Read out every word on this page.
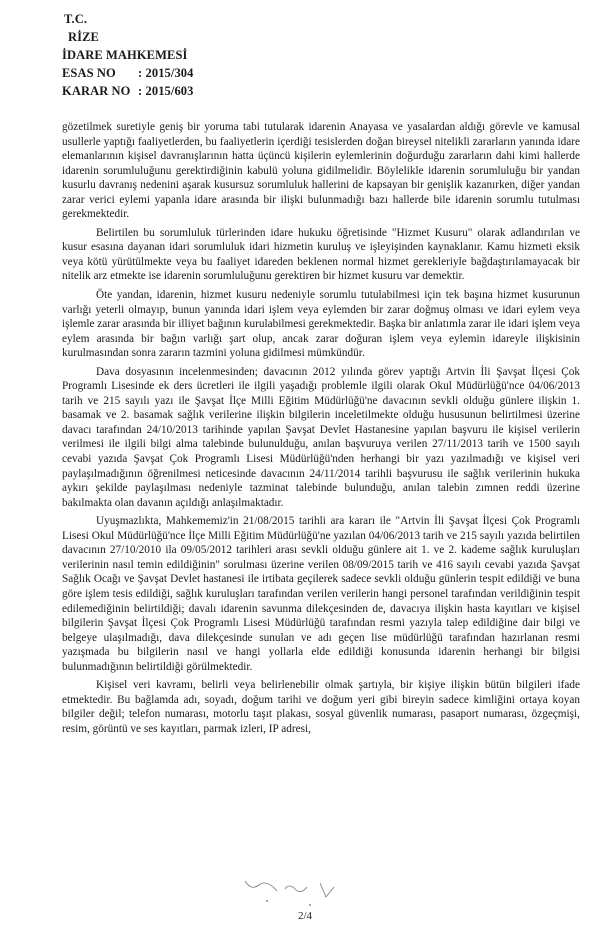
T.C.
RİZE
İDARE MAHKEMESİ
ESAS NO	: 2015/304
KARAR NO : 2015/603

gözetilmek suretiyle geniş bir yoruma tabi tutularak idarenin Anayasa ve yasalardan aldığı görevle ve kamusal usullerle yaptığı faaliyetlerden, bu faaliyetlerin içerdiği tesislerden doğan bireysel nitelikli zararların yanında idare elemanlarının kişisel davranışlarının hatta üçüncü kişilerin eylemlerinin doğurduğu zararların dahi kimi hallerde idarenin sorumluluğunu gerektirdiğinin kabulü yoluna gidilmelidir. Böylelikle idarenin sorumluluğu bir yandan kusurlu davranış nedenini aşarak kusursuz sorumluluk hallerini de kapsayan bir genişlik kazanırken, diğer yandan zarar verici eylemi yapanla idare arasında bir ilişki bulunmadığı bazı hallerde bile idarenin sorumlu tutulması gerekmektedir.

Belirtilen bu sorumluluk türlerinden idare hukuku öğretisinde "Hizmet Kusuru" olarak adlandırılan ve kusur esasına dayanan idari sorumluluk idari hizmetin kuruluş ve işleyişinden kaynaklanır. Kamu hizmeti eksik veya kötü yürütülmekte veya bu faaliyet idareden beklenen normal hizmet gerekleriyle bağdaştırılamayacak bir nitelik arz etmekte ise idarenin sorumluluğunu gerektiren bir hizmet kusuru var demektir.

Öte yandan, idarenin, hizmet kusuru nedeniyle sorumlu tutulabilmesi için tek başına hizmet kusurunun varlığı yeterli olmayıp, bunun yanında idari işlem veya eylemden bir zarar doğmuş olması ve idari eylem veya işlemle zarar arasında bir illiyet bağının kurulabilmesi gerekmektedir. Başka bir anlatımla zarar ile idari işlem veya eylem arasında bir bağın varlığı şart olup, ancak zarar doğuran işlem veya eylemin idareyle ilişkisinin kurulmasından sonra zararın tazmini yoluna gidilmesi mümkündür.

Dava dosyasının incelenmesinden; davacının 2012 yılında görev yaptığı Artvin İli Şavşat İlçesi Çok Programlı Lisesinde ek ders ücretleri ile ilgili yaşadığı problemle ilgili olarak Okul Müdürlüğü'nce 04/06/2013 tarih ve 215 sayılı yazı ile Şavşat İlçe Milli Eğitim Müdürlüğü'ne davacının sevkli olduğu günlere ilişkin 1. basamak ve 2. basamak sağlık verilerine ilişkin bilgilerin inceletilmekte olduğu hususunun belirtilmesi üzerine davacı tarafından 24/10/2013 tarihinde yapılan Şavşat Devlet Hastanesine yapılan başvuru ile kişisel verilerin verilmesi ile ilgili bilgi alma talebinde bulunulduğu, anılan başvuruya verilen 27/11/2013 tarih ve 1500 sayılı cevabi yazıda Şavşat Çok Programlı Lisesi Müdürlüğü'nden herhangi bir yazı yazılmadığı ve kişisel veri paylaşılmadığının öğrenilmesi neticesinde davacının 24/11/2014 tarihli başvurusu ile sağlık verilerinin hukuka aykırı şekilde paylaşılması nedeniyle tazminat talebinde bulunduğu, anılan talebin zımnen reddi üzerine bakılmakta olan davanın açıldığı anlaşılmaktadır.

Uyuşmazlıkta, Mahkememiz'in 21/08/2015 tarihli ara kararı ile "Artvin İli Şavşat İlçesi Çok Programlı Lisesi Okul Müdürlüğü'nce İlçe Milli Eğitim Müdürlüğü'ne yazılan 04/06/2013 tarih ve 215 sayılı yazıda belirtilen davacının 27/10/2010 ila 09/05/2012 tarihleri arası sevkli olduğu günlere ait 1. ve 2. kademe sağlık kuruluşları verilerinin nasıl temin edildiğinin" sorulması üzerine verilen 08/09/2015 tarih ve 416 sayılı cevabi yazıda Şavşat Sağlık Ocağı ve Şavşat Devlet hastanesi ile irtibata geçilerek sadece sevkli olduğu günlerin tespit edildiği ve buna göre işlem tesis edildiği, sağlık kuruluşları tarafından verilen verilerin hangi personel tarafından verildiğinin tespit edilemediğinin belirtildiği; davalı idarenin savunma dilekçesinden de, davacıya ilişkin hasta kayıtları ve kişisel bilgilerin Şavşat İlçesi Çok Programlı Lisesi Müdürlüğü tarafından resmi yazıyla talep edildiğine dair bilgi ve belgeye ulaşılmadığı, dava dilekçesinde sunulan ve adı geçen lise müdürlüğü tarafından hazırlanan resmi yazışmada bu bilgilerin nasıl ve hangi yollarla elde edildiği konusunda idarenin herhangi bir bilgisi bulunmadığının belirtildiği görülmektedir.

Kişisel veri kavramı, belirli veya belirlenebilir olmak şartıyla, bir kişiye ilişkin bütün bilgileri ifade etmektedir. Bu bağlamda adı, soyadı, doğum tarihi ve doğum yeri gibi bireyin sadece kimliğini ortaya koyan bilgiler değil; telefon numarası, motorlu taşıt plakası, sosyal güvenlik numarası, pasaport numarası, özgeçmişi, resim, görüntü ve ses kayıtları, parmak izleri, IP adresi,

2/4
